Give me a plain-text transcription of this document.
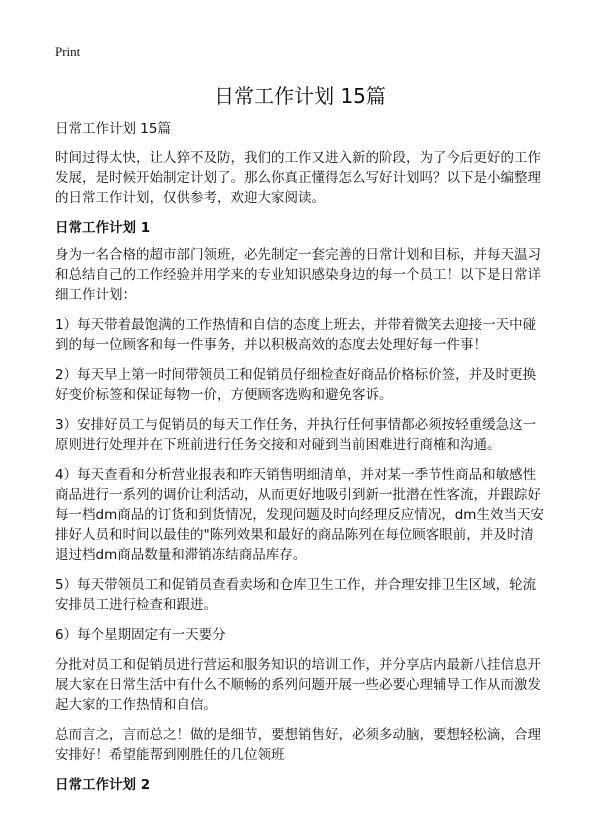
Print
日常工作计划 15篇
日常工作计划 15篇
时间过得太快，让人猝不及防，我们的工作又进入新的阶段，为了今后更好的工作
发展，是时候开始制定计划了。那么你真正懂得怎么写好计划吗？以下是小编整理
的日常工作计划，仅供参考，欢迎大家阅读。
日常工作计划 1
身为一名合格的超市部门领班，必先制定一套完善的日常计划和目标，并每天温习
和总结自己的工作经验并用学来的专业知识感染身边的每一个员工！以下是日常详
细工作计划：
1）每天带着最饱满的工作热情和自信的态度上班去，并带着微笑去迎接一天中碰
到的每一位顾客和每一件事务，并以积极高效的态度去处理好每一件事！
2）每天早上第一时间带领员工和促销员仔细检查好商品价格标价签，并及时更换
好变价标签和保证每物一价，方便顾客选购和避免客诉。
3）安排好员工与促销员的每天工作任务，并执行任何事情都必须按轻重缓急这一
原则进行处理并在下班前进行任务交接和对碰到当前困难进行商榷和沟通。
4）每天查看和分析营业报表和昨天销售明细清单，并对某一季节性商品和敏感性
商品进行一系列的调价让利活动，从而更好地吸引到新一批潜在性客流，并跟踪好
每一档dm商品的订货和到货情况，发现问题及时向经理反应情况，dm生效当天安
排好人员和时间以最佳的"陈列效果和最好的商品陈列在每位顾客眼前，并及时清
退过档dm商品数量和滞销冻结商品库存。
5）每天带领员工和促销员查看卖场和仓库卫生工作，并合理安排卫生区域，轮流
安排员工进行检查和跟进。
6）每个星期固定有一天要分
分批对员工和促销员进行营运和服务知识的培训工作，并分享店内最新八挂信息开
展大家在日常生活中有什么不顺畅的系列问题开展一些必要心理辅导工作从而激发
起大家的工作热情和自信。
总而言之，言而总之！做的是细节，要想销售好，必须多动脑，要想轻松滴，合理
安排好！希望能帮到刚胜任的几位领班
日常工作计划 2
